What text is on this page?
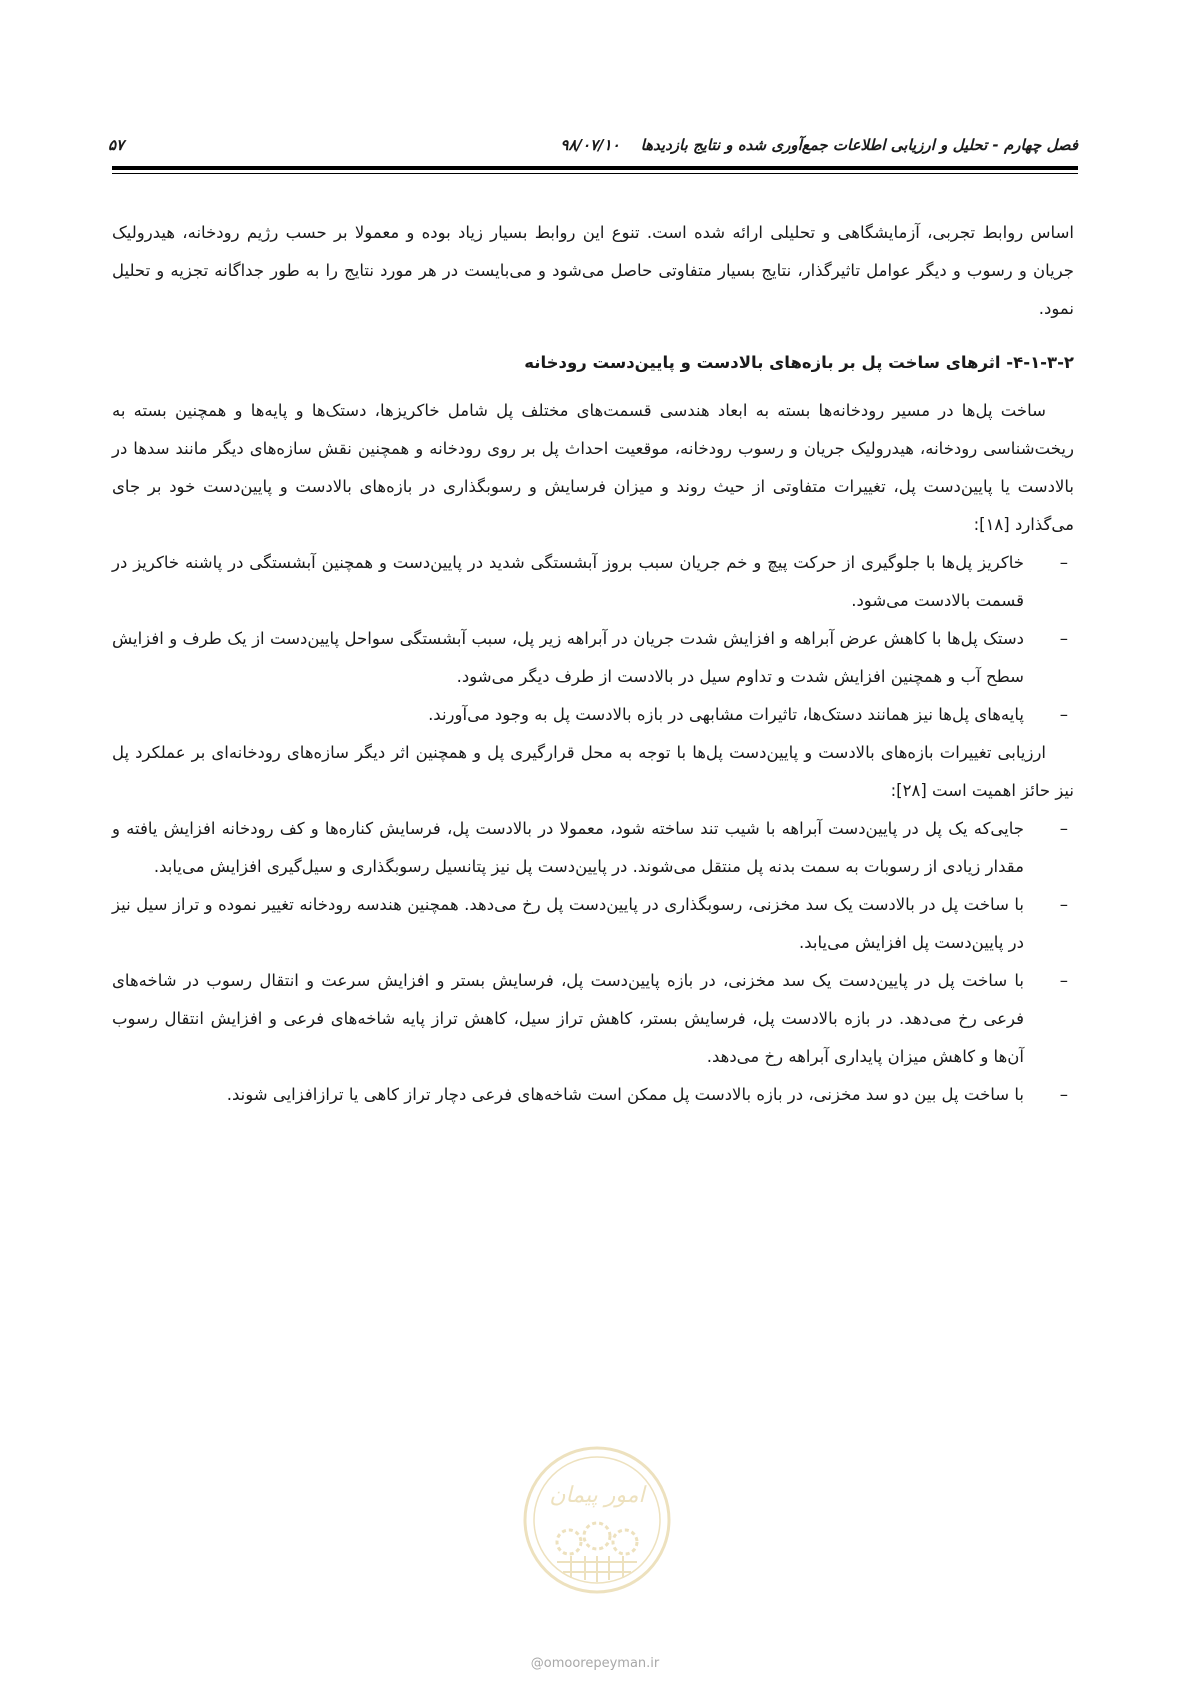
فصل چهارم - تحلیل و ارزیابی اطلاعات جمع‌آوری شده و نتایج بازدیدها    ۹۸/۰۷/۱۰
۵۷

اساس روابط تجربی، آزمایشگاهی و تحلیلی ارائه شده است. تنوع این روابط بسیار زیاد بوده و معمولا بر حسب رژیم رودخانه، هیدرولیک جریان و رسوب و دیگر عوامل تاثیرگذار، نتایج بسیار متفاوتی حاصل می‌شود و می‌بایست در هر مورد نتایج را به طور جداگانه تجزیه و تحلیل نمود.

۴-۱-۳-۲- اثرهای ساخت پل بر بازه‌های بالادست و پایین‌دست رودخانه

ساخت پل‌ها در مسیر رودخانه‌ها بسته به ابعاد هندسی قسمت‌های مختلف پل شامل خاکریزها، دستک‌ها و پایه‌ها و همچنین بسته به ریخت‌شناسی رودخانه، هیدرولیک جریان و رسوب رودخانه، موقعیت احداث پل بر روی رودخانه و همچنین نقش سازه‌های دیگر مانند سدها در بالادست یا پایین‌دست پل، تغییرات متفاوتی از حیث روند و میزان فرسایش و رسوبگذاری در بازه‌های بالادست و پایین‌دست خود بر جای می‌گذارد [۱۸]:

–
خاکریز پل‌ها با جلوگیری از حرکت پیچ و خم جریان سبب بروز آبشستگی شدید در پایین‌دست و همچنین آبشستگی در پاشنه خاکریز در قسمت بالادست می‌شود.
–
دستک پل‌ها با کاهش عرض آبراهه و افزایش شدت جریان در آبراهه زیر پل، سبب آبشستگی سواحل پایین‌دست از یک طرف و افزایش سطح آب و همچنین افزایش شدت و تداوم سیل در بالادست از طرف دیگر می‌شود.
–
پایه‌های پل‌ها نیز همانند دستک‌ها، تاثیرات مشابهی در بازه بالادست پل به وجود می‌آورند.

ارزیابی تغییرات بازه‌های بالادست و پایین‌دست پل‌ها با توجه به محل قرارگیری پل و همچنین اثر دیگر سازه‌های رودخانه‌ای بر عملکرد پل نیز حائز اهمیت است [۲۸]:

–
جایی‌که یک پل در پایین‌دست آبراهه با شیب تند ساخته شود، معمولا در بالادست پل، فرسایش کناره‌ها و کف رودخانه افزایش یافته و مقدار زیادی از رسوبات به سمت بدنه پل منتقل می‌شوند. در پایین‌دست پل نیز پتانسیل رسوبگذاری و سیل‌گیری افزایش می‌یابد.
–
با ساخت پل در بالادست یک سد مخزنی، رسوبگذاری در پایین‌دست پل رخ می‌دهد. همچنین هندسه رودخانه تغییر نموده و تراز سیل نیز در پایین‌دست پل افزایش می‌یابد.
–
با ساخت پل در پایین‌دست یک سد مخزنی، در بازه پایین‌دست پل، فرسایش بستر و افزایش سرعت و انتقال رسوب در شاخه‌های فرعی رخ می‌دهد. در بازه بالادست پل، فرسایش بستر، کاهش تراز سیل، کاهش تراز پایه شاخه‌های فرعی و افزایش انتقال رسوب آن‌ها و کاهش میزان پایداری آبراهه رخ می‌دهد.
–
با ساخت پل بین دو سد مخزنی، در بازه بالادست پل ممکن است شاخه‌های فرعی دچار تراز کاهی یا ترازافزایی شوند.
امور پیمان
@omoorepeyman.ir
